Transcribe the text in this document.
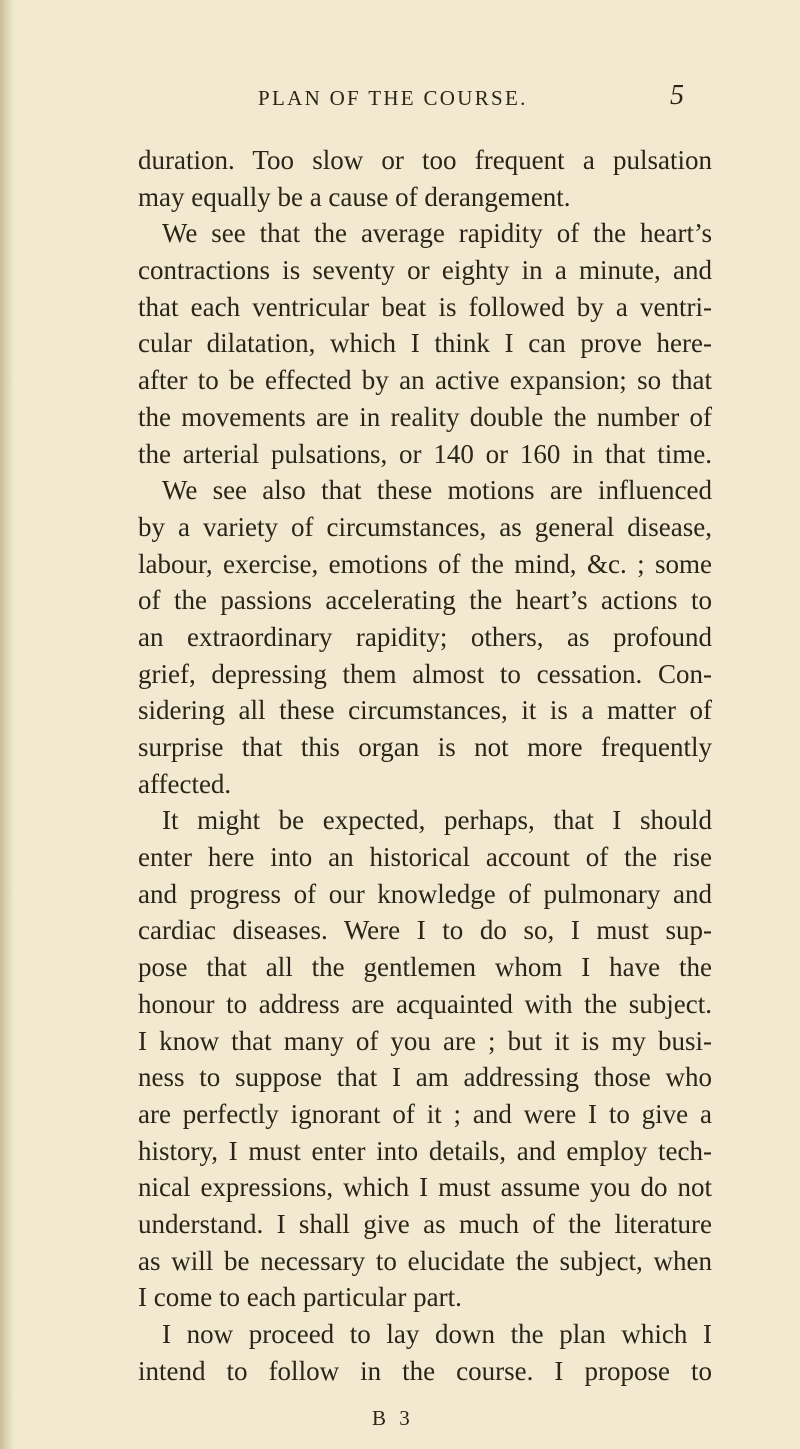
PLAN OF THE COURSE.	5
duration. Too slow or too frequent a pulsation
may equally be a cause of derangement.
We see that the average rapidity of the heart’s
contractions is seventy or eighty in a minute, and
that each ventricular beat is followed by a ventri-
cular dilatation, which I think I can prove here-
after to be effected by an active expansion; so that
the movements are in reality double the number of
the arterial pulsations, or 140 or 160 in that time.
We see also that these motions are influenced
by a variety of circumstances, as general disease,
labour, exercise, emotions of the mind, &c. ; some
of the passions accelerating the heart’s actions to
an extraordinary rapidity; others, as profound
grief, depressing them almost to cessation. Con-
sidering all these circumstances, it is a matter of
surprise that this organ is not more frequently
affected.
It might be expected, perhaps, that I should
enter here into an historical account of the rise
and progress of our knowledge of pulmonary and
cardiac diseases. Were I to do so, I must sup-
pose that all the gentlemen whom I have the
honour to address are acquainted with the subject.
I know that many of you are ; but it is my busi-
ness to suppose that I am addressing those who
are perfectly ignorant of it ; and were I to give a
history, I must enter into details, and employ tech-
nical expressions, which I must assume you do not
understand. I shall give as much of the literature
as will be necessary to elucidate the subject, when
I come to each particular part.
I now proceed to lay down the plan which I
intend to follow in the course. I propose to
B 3
